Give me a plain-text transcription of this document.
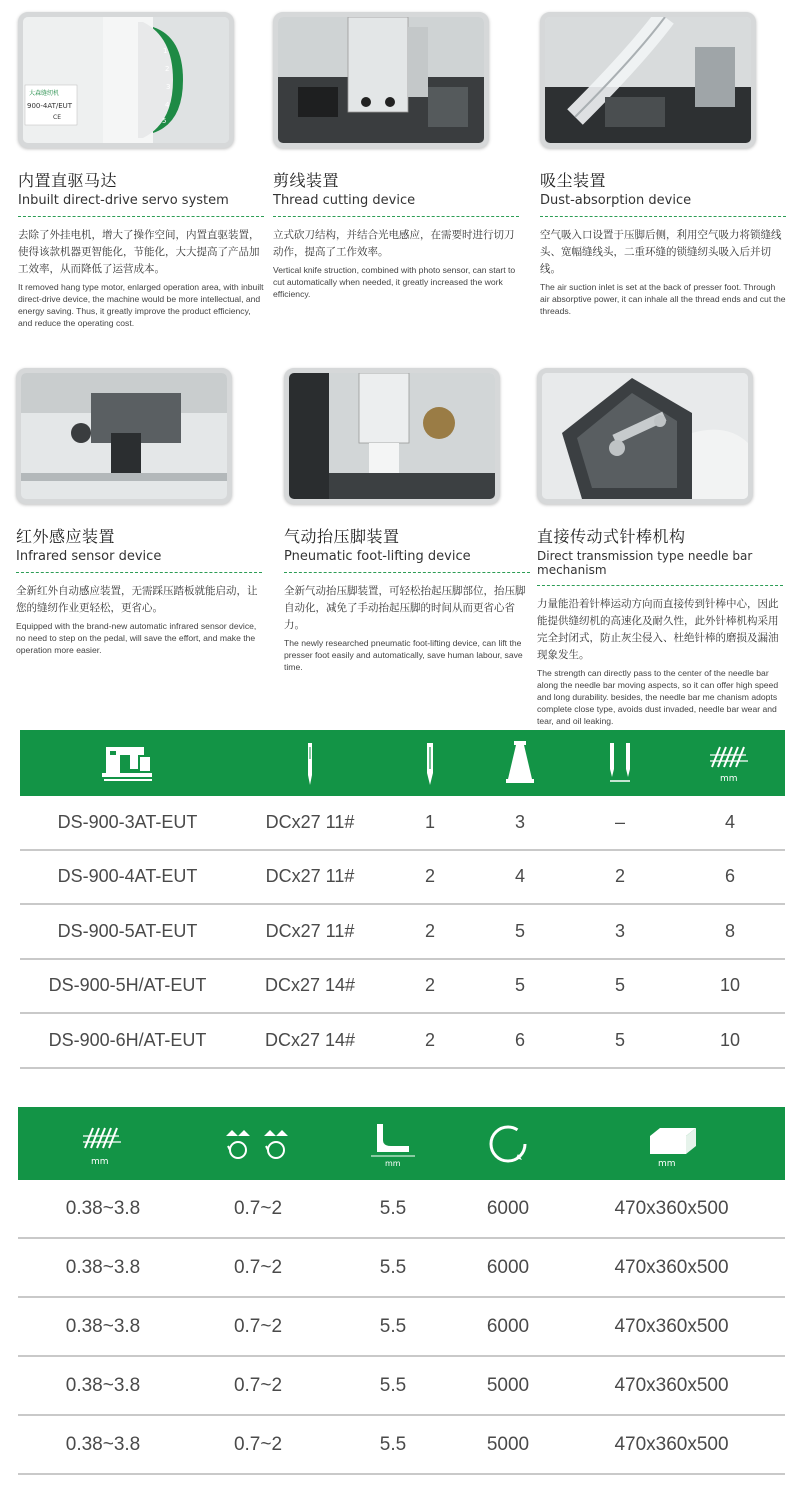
1
2
3
4
5
大森缝纫机
900-4AT/EUT
CE
内置直驱马达
Inbuilt direct-drive servo system
去除了外挂电机，增大了操作空间，内置直驱装置，使得该款机器更智能化，节能化，大大提高了产品加工效率，从而降低了运营成本。
It removed hang type motor, enlarged operation area, with inbuilt direct-drive device, the machine would be more intellectual, and energy saving. Thus, it greatly improve the product efficiency, and reduce the operating cost.
剪线装置
Thread cutting device
立式砍刀结构，并结合光电感应，在需要时进行切刀动作，提高了工作效率。
Vertical knife struction, combined with photo sensor, can start to cut automatically when needed, it greatly increased the work efficiency.
吸尘装置
Dust-absorption device
空气吸入口设置于压脚后侧，利用空气吸力将锁缝线头、宽幅缝线头，二重环缝的锁缝纫头吸入后并切线。
The air suction inlet is set at the back of presser foot. Through air absorptive power, it can inhale all the thread ends and cut the threads.
红外感应装置
Infrared sensor device
全新红外自动感应装置，无需踩压踏板就能启动，让您的缝纫作业更轻松，更省心。
Equipped with the brand-new automatic infrared sensor device, no need to step on the pedal, will save the effort, and make the operation more easier.
气动抬压脚装置
Pneumatic foot-lifting device
全新气动抬压脚装置，可轻松抬起压脚部位，抬压脚自动化，减免了手动抬起压脚的时间从而更省心省力。
The newly researched pneumatic foot-lifting device, can lift the presser foot easily and automatically, save human labour, save time.
直接传动式针棒机构
Direct transmission type needle bar mechanism
力量能沿着针棒运动方向而直接传到针棒中心，因此能提供缝纫机的高速化及耐久性，此外针棒机构采用完全封闭式，防止灰尘侵入、杜绝针棒的磨损及漏油现象发生。
The strength can directly pass to the center of the needle bar along the needle bar moving aspects, so it can offer high speed and long durability. besides, the needle bar me chanism adopts complete close type, avoids dust invaded, needle bar wear and tear, and oil leaking.
mm
DS-900-3AT-EUT	DCx27 11#	1	3	–	4
DS-900-4AT-EUT	DCx27 11#	2	4	2	6
DS-900-5AT-EUT	DCx27 11#	2	5	3	8
DS-900-5H/AT-EUT	DCx27 14#	2	5	5	10
DS-900-6H/AT-EUT	DCx27 14#	2	6	5	10
mm	mm	mm
0.38~3.8	0.7~2	5.5	6000	470x360x500
0.38~3.8	0.7~2	5.5	6000	470x360x500
0.38~3.8	0.7~2	5.5	6000	470x360x500
0.38~3.8	0.7~2	5.5	5000	470x360x500
0.38~3.8	0.7~2	5.5	5000	470x360x500
